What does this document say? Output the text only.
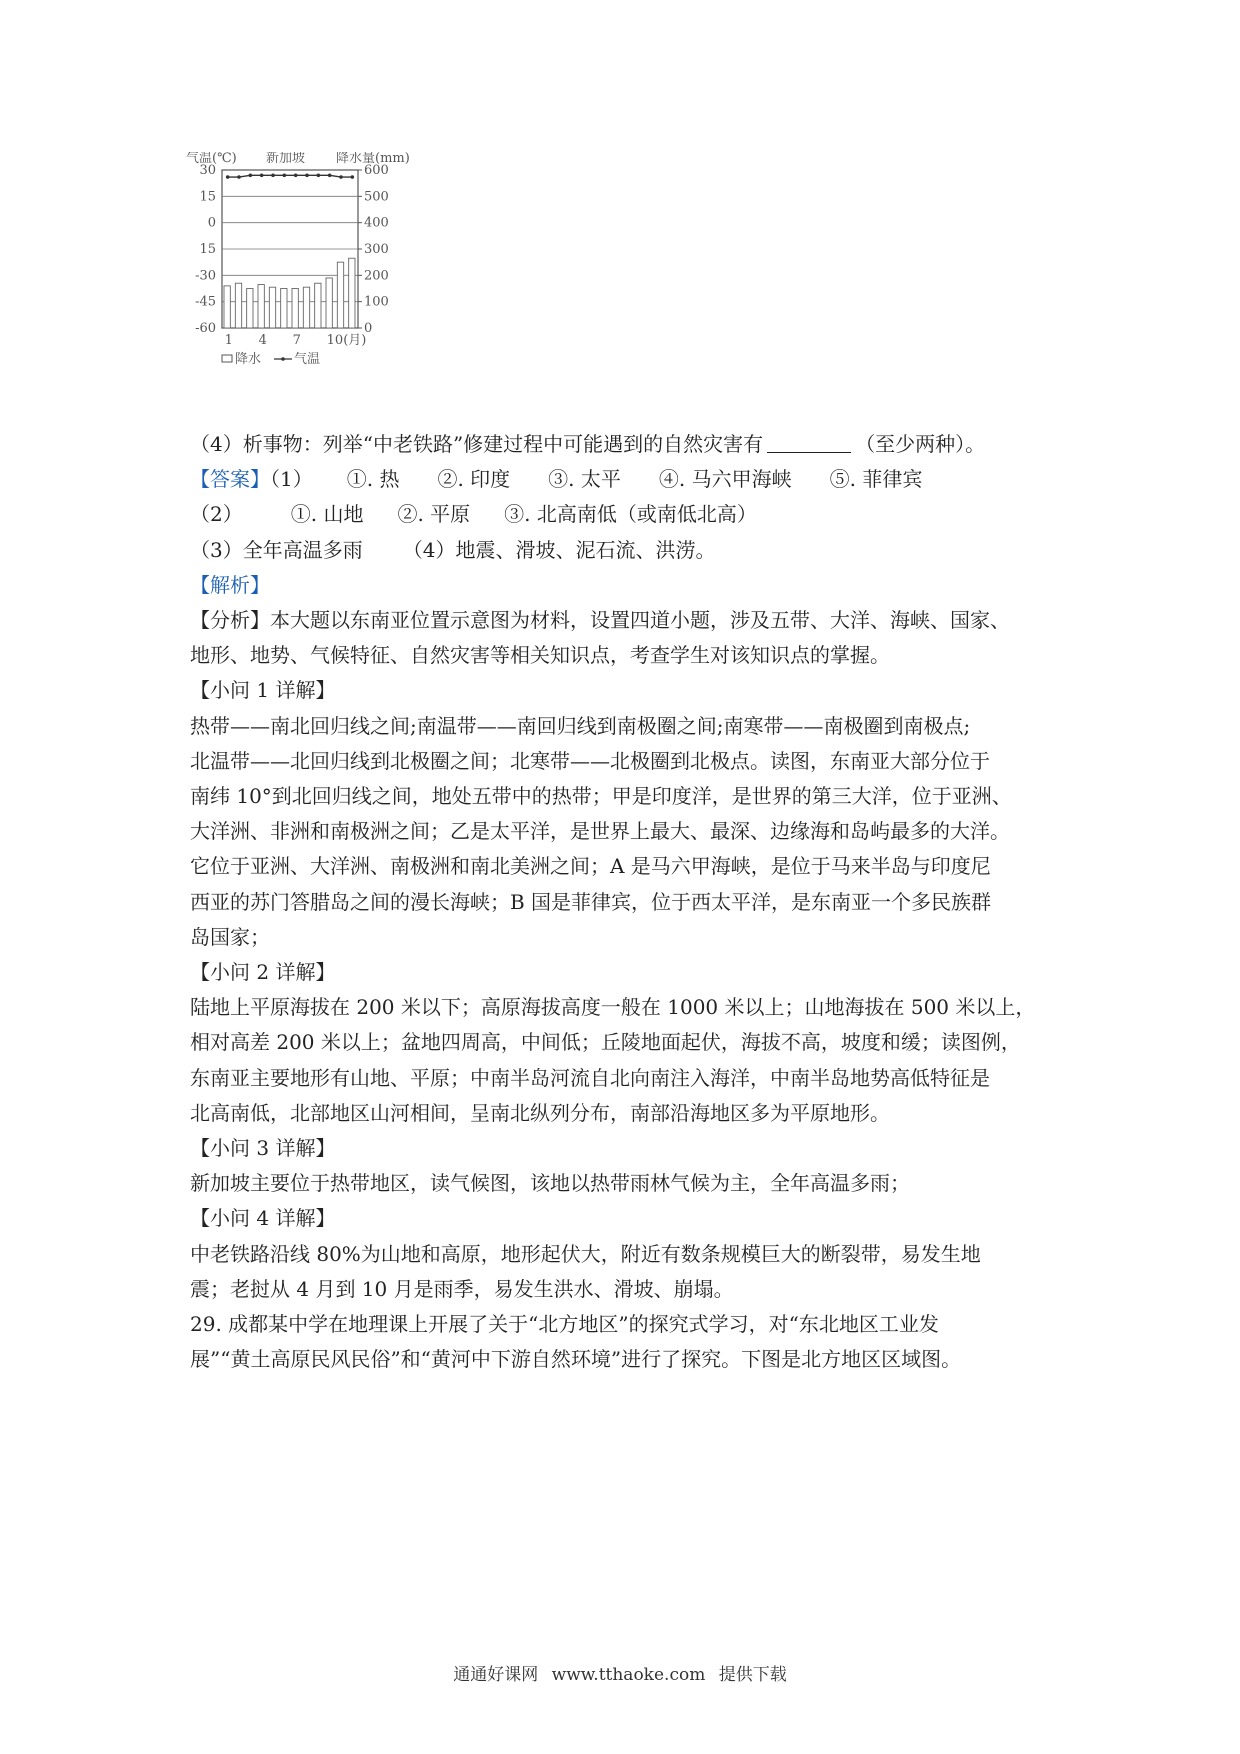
气温(℃) 新加坡 降水量(mm)
30	600
15	500
0	400
15	300
-30	200
-45	100
-60	0
1 4 7 10(月)
降水	气温

（4）析事物：列举“中老铁路”修建过程中可能遇到的自然灾害有	（至少两种）。

【答案】（1） ①. 热 ②. 印度 ③. 太平 ④. 马六甲海峡 ⑤. 菲律宾

（2） ①. 山地 ②. 平原 ③. 北高南低（或南低北高）

（3）全年高温多雨 （4）地震、滑坡、泥石流、洪涝。

【解析】

【分析】本大题以东南亚位置示意图为材料，设置四道小题，涉及五带、大洋、海峡、国家、

地形、地势、气候特征、自然灾害等相关知识点，考查学生对该知识点的掌握。

【小问 1 详解】

热带——南北回归线之间;南温带——南回归线到南极圈之间;南寒带——南极圈到南极点;

北温带——北回归线到北极圈之间；北寒带——北极圈到北极点。读图，东南亚大部分位于

南纬 10°到北回归线之间，地处五带中的热带；甲是印度洋，是世界的第三大洋，位于亚洲、

大洋洲、非洲和南极洲之间；乙是太平洋，是世界上最大、最深、边缘海和岛屿最多的大洋。

它位于亚洲、大洋洲、南极洲和南北美洲之间；A 是马六甲海峡，是位于马来半岛与印度尼

西亚的苏门答腊岛之间的漫长海峡；B 国是菲律宾，位于西太平洋，是东南亚一个多民族群

岛国家；

【小问 2 详解】

陆地上平原海拔在 200 米以下；高原海拔高度一般在 1000 米以上；山地海拔在 500 米以上，

相对高差 200 米以上；盆地四周高，中间低；丘陵地面起伏，海拔不高，坡度和缓；读图例，

东南亚主要地形有山地、平原；中南半岛河流自北向南注入海洋，中南半岛地势高低特征是

北高南低，北部地区山河相间，呈南北纵列分布，南部沿海地区多为平原地形。

【小问 3 详解】

新加坡主要位于热带地区，读气候图，该地以热带雨林气候为主，全年高温多雨；

【小问 4 详解】

中老铁路沿线 80%为山地和高原，地形起伏大，附近有数条规模巨大的断裂带，易发生地

震；老挝从 4 月到 10 月是雨季，易发生洪水、滑坡、崩塌。

29. 成都某中学在地理课上开展了关于“北方地区”的探究式学习，对“东北地区工业发

展”“黄土高原民风民俗”和“黄河中下游自然环境”进行了探究。下图是北方地区区域图。

通通好课网 www.tthaoke.com 提供下载
